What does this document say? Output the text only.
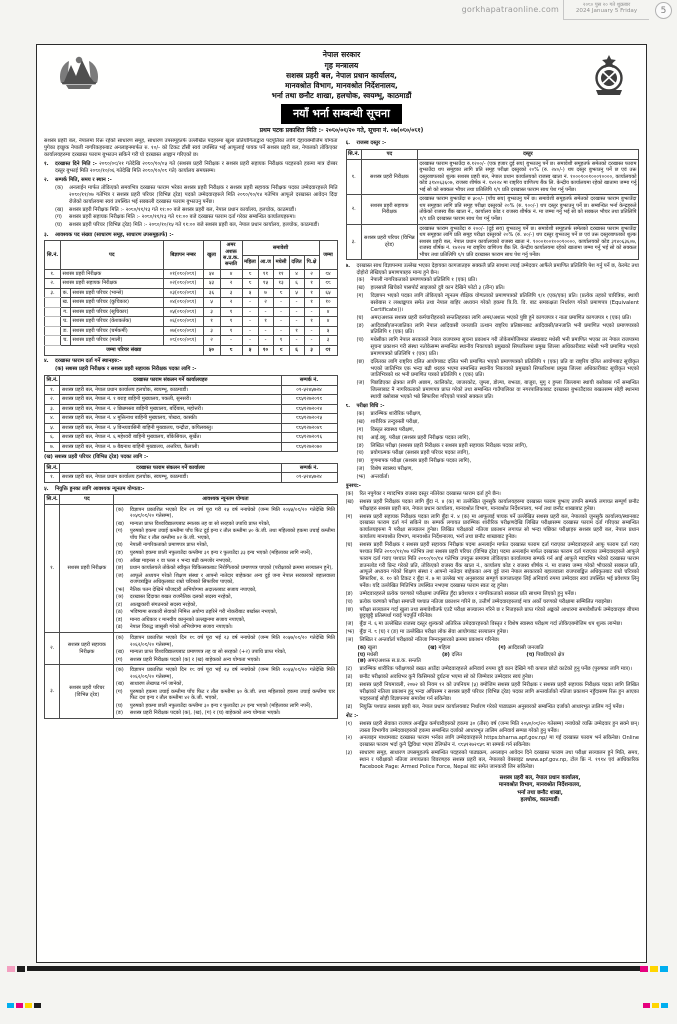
gorkhapatraonline.com	२०८० पुस २० गते शुक्रबार
2024 January 5 Friday	5
नेपाल सरकार
गृह मन्त्रालय
सशस्त्र प्रहरी बल, नेपाल प्रधान कार्यालय,
मानवश्रोत विभाग, मानवश्रोत निर्देशनालय,
भर्ना तथा छनौट शाखा, हलचोक, स्वयम्भू, काठमाडौं
नयाँ भर्ना सम्बन्धी सूचना
प्रथम पटक प्रकाशित मिति :- २०८०/०९/२० गते, सूचना नं. ०७(०८०/०८१)
सशस्त्र प्रहरी बल, नेपालमा रिक्त रहेको साधारण समूह, साधारण उपसमूहतर्फ उल्लेखित पदहरुमा खुला प्रतियोगिताद्वारा पदपूर्तिका लागि देहायबमोजिम योग्यता पुगेका इच्छुक नेपाली नागरिकहरुबाट अनलाइनमार्फत रु. १०/- को टिकट टाँसी स्वयं उपस्थित भई आफूलाई पायक पर्ने सशस्त्र प्रहरी बल, नेपालको तोकिएका कार्यालयहरुमा दरखास्त फाराम बुझाउन सकिने गरी यो दरखास्त आह्वान गरिएको छ।
१.	दरखास्त दिने मिति :- २०८०/०९/२१ गतेदेखि २०८०/१०/०५ गते (सशस्त्र प्रहरी निरीक्षक र सशस्त्र प्रहरी सहायक निरीक्षक पदहरुको हकमा मात्र दोब्बर दस्तुर बुझाई मिति २०८०/१०/०६ गतेदेखि मिति २०८०/१०/०८ गते) कार्यालय समयसम्म।
२.	सम्पर्क मिति, समय र स्थान :-
(क)	अनलाईन मार्फत तोकिएको समयभित्र दरखास्त फाराम भरेका सशस्त्र प्रहरी निरीक्षक र सशस्त्र प्रहरी सहायक निरीक्षक पदका उम्मेदवारहरुले मिति २०८०/११/०७ गतेभित्र र सशस्त्र प्रहरी परिचर (विभिन्न ट्रेड) पदको उम्मेदवारहरुले मिति २०८०/१०/१४ गतेभित्र आफूले दरखास्त आवेदन दिंदा रोजेको कार्यालयमा स्वयं उपस्थित भई सक्कली दरखास्त फाराम बुझाउनु पर्नेछ।
(ख)	सशस्त्र प्रहरी निरीक्षक मिति :- २०८०/११/१३ गते ११:०० बजे सशस्त्र प्रहरी बल, नेपाल प्रधान कार्यालय, हलचोक, काठमाडौं।
(ग)	सशस्त्र प्रहरी सहायक निरीक्षक मिति :- २०८०/११/१३ गते ११:०० बजे दरखास्त फाराम दर्ता गरेका सम्बन्धित कार्यालयहरुमा।
(घ)	सशस्त्र प्रहरी परिचर (विभिन्न ट्रेड) मिति :- २०८०/१०/१५ गते ११:०० बजे सशस्त्र प्रहरी बल, नेपाल प्रधान कार्यालय, हलचोक, काठमाडौं।
३.	आवश्यक पद संख्या (साधारण समूह, साधारण उपसमूहतर्फ) :-
सि.नं.	पद		बिज्ञापन नम्बर	खुला	अमर अशक्त स.प्र.क. सन्तति	समावेशी					जम्मा
						महिला	आ.ज	मधेसी	दलित	पि.क्षे	
१.	सशस्त्र प्रहरी निरीक्षक		०१(०८०/०८१)	५४	४	८	११	११	४	२	९४
२.	सशस्त्र प्रहरी सहायक निरीक्षक		०२(०८०/०८१)	५३	२	८	१५	१३	६	१	९८
३.	क.	सशस्त्र प्रहरी परिचर (भान्से)	०३(०८०/०८१)	३६	३	५	७	८	५	१	६५
	ख.	सशस्त्र प्रहरी परिचर (कुचिकार)	०४(०८०/०८१)	५	२	-	२	-	-	१	१०
	ग.	सशस्त्र प्रहरी परिचर (सूचिकार)	०५(०८०/०८१)	३	१	-	-	-	-	-	४
	घ.	सशस्त्र प्रहरी परिचर (केशकर्तक)	०६(०८०/०८१)	१	१	-	१	-	-	१	४
	ङ.	सशस्त्र प्रहरी परिचर (चर्मकर्मी)	०७(०८०/०८१)	३	१	-	-	-	१	-	५
	च.	सशस्त्र प्रहरी परिचर (माली)	०८(०८०/०८१)	२	-	-	-	१	-	-	३
जम्मा परिचर संख्या				५०	८	५	१०	९	६	३	९१
४.	दरखास्त फाराम दर्ता गर्ने स्थानहरु:-
(क) सशस्त्र प्रहरी निरीक्षक र सशस्त्र प्रहरी सहायक निरीक्षक पदका लागि :-
सि.नं.	दरखास्त फाराम संकलन गर्ने कार्यालयहरु	सम्पर्क नं.
१.	सशस्त्र प्रहरी बल, नेपाल प्रधान कार्यालय हलचोक, स्वयम्भू, काठमाडौं।	०१-५२४५७२४
२.	सशस्त्र प्रहरी बल, नेपाल नं. १ बराह बाहिनी मुख्यालय, पकली, सुनसरी।	९८५१२७२०१९
३.	सशस्त्र प्रहरी बल, नेपाल नं. २ छिन्नमस्ता बाहिनी मुख्यालय, बर्दिबास, महोत्तरी।	९८५१२७२०२४
४.	सशस्त्र प्रहरी बल, नेपाल नं. ४ मुक्तिनाथ बाहिनी मुख्यालय, पोखरा, कास्की।	९८५१२७२०२५
५.	सशस्त्र प्रहरी बल, नेपाल नं. ५ विन्ध्यवासिनी बाहिनी मुख्यालय, चन्द्रौटा, कपिलबस्तु।	९८५१२७२०४८
६.	सशस्त्र प्रहरी बल, नेपाल नं. ६ महेश्वरी बाहिनी मुख्यालय, बाँकेसियल, सुर्खेत।	९८५१२७२०१६
७.	सशस्त्र प्रहरी बल, नेपाल नं. ७ बैद्यनाथ बाहिनी मुख्यालय, अत्तरिया, कैलाली।	९८५१२७२०७०
(ख) सशस्त्र प्रहरी परिचर (विभिन्न ट्रेड) पदका लागि :-
सि.नं.	दरखास्त फाराम संकलन गर्ने कार्यालय	सम्पर्क नं.
१.	सशस्त्र प्रहरी बल, नेपाल प्रधान कार्यालय हलचोक, स्वयम्भू, काठमाडौं।	०१-५२४५७२४
५.	नियुक्ति हुनका लागि आवश्यक न्यूनतम योग्यता:-
सि.नं.	पद	आवश्यक न्यूनतम योग्यता
१.	सशस्त्र प्रहरी निरीक्षक	
(क)	विज्ञापन प्रकाशित भएको दिन २१ वर्ष पूरा गरी २५ वर्ष ननाघेको (जन्म मिति २०५५/०९/२० गतेदेखि मिति २०५९/०९/२० गतेसम्म),
(ख)	मान्यता प्राप्त विश्वविद्यालयबाट स्नातक तह वा सो सरहको उपाधि प्राप्त गरेको,
(ग)	पुरुषको हकमा उचाई कम्तीमा पाँच फिट दुई इन्च र तौल कम्तीमा ५० के.जी. तथा महिलाको हकमा उचाई कम्तीमा पाँच फिट र तौल कम्तीमा ४२ के.जी. भएको,
(घ)	नेपाली नागरिकताको प्रमाणपत्र प्राप्त गरेको,
(ङ)	पुरुषको हकमा छाती नफुलाउँदा कम्तीमा ३१ इन्च र फुलाउँदा ३३ इन्च भएको (महिलाका लागि नपर्ने),
(च)	आँखा माइनस २ वा प्लस २ भन्दा बढी कमजोर नभएको,
(छ)	प्रधान कार्यालयले तोकेको स्वीकृत चिकित्सकबाट निरोगिताको प्रमाणपत्र पाएको (परीक्षाको क्रममा सञ्चालन हुने),
(ज)	आफूले अध्ययन गरेको शिक्षण संस्था र आफ्नो नातेदार बाहेकका अन्य दुई जना नेपाल सरकारको बहालवाला राजपत्राङ्कित अधिकृतबाट राम्रो चरित्रको सिफारिश पाएको,
(झ)	नैतिक पतन देखिने फौजदारी अभियोगमा अदालतबाट सजाय नपाएको,
(ञ)	दरखास्त दिंदाका बखत राजनैतिक दलको सदस्य नरहेको,
(ट)	आतङ्ककारी संगठनको सदस्य नरहेको,
(ठ)	भविष्यमा सरकारी सेवाको निमित्त अयोग्य ठहरिने गरी नोकरीबाट बर्खास्त नभएको,
(ड)	मानव अधिकार र मानवीय कानुनको उल्लङ्घनमा सजाय नपाएको,
(ढ)	नेपाल विरुद्ध जासुसी गरेको अभियोगमा सजाय नपाएको।

२.	सशस्त्र प्रहरी सहायक निरीक्षक	
(क)	विज्ञापन प्रकाशित भएको दिन १८ वर्ष पूरा भई २३ वर्ष ननाघेको (जन्म मिति २०५७/०९/२० गतेदेखि मिति २०६२/०९/२० गतेसम्म),
(ख)	मान्यता प्राप्त विश्वविद्यालयबाट प्रमाणपत्र तह वा सो सरहको (+२) उपाधि प्राप्त गरेको,
(ग)	सशस्त्र प्रहरी निरीक्षक पदको (क) र (ख) बाहेकको अन्य योग्यता भएको।

३.	सशस्त्र प्रहरी परिचर (विभिन्न ट्रेड)	
(क)	विज्ञापन प्रकाशित भएको दिन १८ वर्ष पूरा भई २५ वर्ष ननाघेको (जन्म मिति २०५५/०९/२० गतेदेखि मिति २०६२/०९/२० गतेसम्म),
(ख)	साधारण लेखपढ गर्न जानेको,
(ग)	पुरुषको हकमा उचाई कम्तीमा पाँच फिट र तौल कम्तीमा ५० के.जी. तथा महिलाको हकमा उचाई कम्तीमा चार फिट दश इन्च र तौल कम्तीमा ४२ के.जी. भएको,
(घ)	पुरुषको हकमा छाती नफुलाउँदा कम्तीमा ३० इन्च र फुलाउँदा ३२ इन्च भएको (महिलाका लागि नपर्ने),
(ङ)	सशस्त्र प्रहरी निरीक्षक पदको (क), (ख), (ग) र (घ) बाहेकको अन्य योग्यता भएको।
६.	राजस्व दस्तुर :-
सि.नं.	पद	दस्तुर
१.	सशस्त्र प्रहरी निरीक्षक	दरखास्त फाराम बुझाउँदा रु.१२००/- (एक हजार दुई सय) बुझाउनु पर्ने छ। समावेशी समूहतर्फ समेतको दरखास्त फाराम बुझाउँदा थप समूहका लागि प्रति समूह परीक्षा दस्तुरको २०% (रु. २४०/-) थप दस्तुर बुझाउनु पर्ने छ एवं उक्त दस्तुरबापतको शुल्क सशस्त्र प्रहरी बल, नेपाल प्रधान कार्यालयको राजस्व खाता नं. १०००१००१०००१००००, कार्यालयको कोड ३१४०६३६०७, राजस्व शीर्षक नं. १४२२४ मा राष्ट्रिय वाणिज्य बैंक लि. केन्द्रीय कार्यालयमा रहेको खातामा जम्मा गर्नु भई सो को सक्कल भौचर तथा प्रतिलिपि १/१ प्रति दरखास्त फाराम साथ पेश गर्नु पर्नेछ।
२.	सशस्त्र प्रहरी सहायक निरीक्षक	दरखास्त फाराम बुझाउँदा रु ५००/- (पाँच सय) बुझाउनु पर्ने छ। समावेशी समूहतर्फ समेतको दरखास्त फाराम बुझाउँदा थप समूहका लागि प्रति समूह परीक्षा दस्तुरको २०% (रु. १००/-) थप दस्तुर बुझाउनु पर्ने छ। सम्बन्धित भर्ना केन्द्रहरुले तोकेको राजस्व बैंक खाता नं., कार्यालय कोड र राजस्व शीर्षक नं. मा जम्मा गर्नु भई सो को सक्कल भौचर तथा प्रतिलिपि १/१ प्रति दरखास्त फाराम साथ पेश गर्नु पर्नेछ।
३.	सशस्त्र प्रहरी परिचर (विभिन्न ट्रेड)	दरखास्त फाराम बुझाउँदा रु २००/- (दुई सय) बुझाउनु पर्ने छ। समावेशी समूहतर्फ समेतको दरखास्त फाराम बुझाउँदा थप समूहका लागि प्रति समूह परीक्षा दस्तुरको २०% (रु. ४०/-) थप दस्तुर बुझाउनु पर्ने छ एवं उक्त दस्तुरबापतको शुल्क सशस्त्र प्रहरी बल, नेपाल प्रधान कार्यालयको राजस्व खाता नं. १०००१००१०००१००००, कार्यालयको कोड ३१४०६३६०७, राजस्व शीर्षक नं. १४२२४ मा राष्ट्रिय वाणिज्य बैंक लि. केन्द्रीय कार्यालयमा रहेको खातामा जम्मा गर्नु भई सो को सक्कल भौचर तथा प्रतिलिपि १/१ प्रति दरखास्त फाराम साथ पेश गर्नु पर्नेछ।
७.	दरखास्त साथ विज्ञापनमा उल्लेख भएका देहायका कागजातहरु सक्कलै प्रति साथमा ल्याई उम्मेदवार आफैंले प्रमाणित प्रतिलिपि पेश गर्नु पर्ने छ, केरमेट तथा दोहोरो लेखिएको प्रमाणपत्रहरु मान्य हुने छैन।
(क)	नेपाली नागरिकताको प्रमाणपत्रको प्रतिलिपि १ (एक) प्रति।
(ख)	हालसालै खिचेको पासपोर्ट साइजको दुवै कान देखिने फोटो ३ (तीन) प्रति।
(ग)	विज्ञापन भएको पदका लागि तोकिएको न्यूनतम शैक्षिक योग्यताको प्रमाणपत्रको प्रतिलिपि १/१ (एक/एक) प्रति। (प्रत्येक तहको चारित्रिक, स्थायी बसोबास र लब्धाङ्कपत्र समेत तथा नेपाल बाहिर अध्ययन गरेको हकमा त्रि.वि. वि. बाट समकक्षता निर्धारण गरेको प्रमाणपत्र (Equivalent Certificate))।
(घ)	अमर/अशक्त सशस्त्र प्रहरी कर्मचारीहरुको सन्ततिहरुका लागि अमर/अशक्त भएको पुष्टि हुने कागजपत्र र नाता प्रमाणित कागजपत्र १ (एक) प्रति।
(ङ)	आदिवासी/जनजातिका लागि नेपाल आदिवासी जनजाति उत्थान राष्ट्रिय प्रतिष्ठानबाट आदिवासी/जनजाति भनी प्रमाणित भएको प्रमाणपत्रको प्रतिलिपि १ (एक) प्रति।
(च)	मधेसीका लागि नेपाल सरकारले नेपाल राजपत्रमा सूचना प्रकाशन गरी तोकेबमोजिमका संस्थाबाट मधेसी भनी प्रमाणित भएका तर नेपाल राजपत्रमा सूचना प्रकाशन गरी संस्था नतोकेसम्म सम्बन्धित स्थानीय निकायको प्रमुखको सिफारिसमा प्रमुख जिल्ला अधिकारीबाट मधेसी भनी प्रमाणित भएको प्रमाणपत्रको प्रतिलिपि १ (एक) प्रति।
(छ)	दलितका लागि राष्ट्रिय दलित आयोगबाट दलित भनी प्रमाणित भएको प्रमाणपत्रको प्रतिलिपि १ (एक) प्रति वा राष्ट्रिय दलित आयोगबाट सूचीकृत भएको जातिभित्र एक भन्दा बढी थरहरु भएमा सम्बन्धित स्थानीय निकायको प्रमुखको सिफारिशमा प्रमुख जिल्ला अधिकारीबाट सूचीकृत भएको जातिभित्रको थर भनी प्रमाणित पत्रको प्रतिलिपि १ (एक) प्रति।
(ज)	पिछडिएका क्षेत्रका लागि अछाम, कालिकोट, जाजरकोट, जुम्ला, डोल्पा, बझाङ, बाजुरा, मुगु र हुम्ला जिल्लामा स्थायी बसोबास गर्ने सम्बन्धित जिल्लाबाट नै नागरिकताको प्रमाणपत्र प्राप्त गरेको तथा सम्बन्धित गाउँपालिका वा नगरपालिकाबाट दरखास्त बुझाउँदाका बखतसम्म सोही स्थानमा स्थायी बसोबास भएको भन्ने सिफारिश गरिएको पत्रको सक्कल प्रति।
८.	परीक्षा विधि :-
(क)	प्रारम्भिक शारीरिक परीक्षण,
(ख)	शारीरिक तन्दुरुस्ती परीक्षा,
(ग)	विस्तृत स्वास्थ्य परीक्षण,
(घ)	आई.क्यु. परीक्षा (सशस्त्र प्रहरी निरीक्षक पदका लागि),
(ङ)	लिखित परीक्षा (सशस्त्र प्रहरी निरीक्षक र सशस्त्र प्रहरी सहायक निरीक्षक पदका लागि),
(च)	प्रयोगात्मक परीक्षा (सशस्त्र प्रहरी परिचर पदका लागि),
(छ)	गुणमापक परीक्षा (सशस्त्र प्रहरी निरीक्षक पदका लागि),
(ज)	विशेष स्वास्थ्य परीक्षण,
(झ)	अन्तर्वार्ता।
पुनश्च:-
(क)	रित नपुगेका र म्यादभित्र राजस्व दस्तुर नतिरेका दरखास्त फाराम दर्ता हुने छैन।
(ख)	सशस्त्र प्रहरी निरीक्षक पदका लागि बुँदा नं. ४ (क) मा उल्लेखित जुनसुकै कार्यालयहरुमा दरखास्त फाराम बुझाए तापनि सम्पर्क लगायत सम्पूर्ण छनौट परीक्षाहरु सशस्त्र प्रहरी बल, नेपाल प्रधान कार्यालय, मानवश्रोत विभाग, मानवश्रोत निर्देशनालय, भर्ना तथा छनौट शाखाबाट हुनेछ।
(ग)	सशस्त्र प्रहरी सहायक निरीक्षक पदका लागि बुँदा नं. ४ (क) मा आफूलाई पायक पर्ने उल्लेखित सशस्त्र प्रहरी बल, नेपालको जुनसुकै कार्यालय/स्थानबाट दरखास्त फाराम दर्ता गर्न सकिने छ। सम्पर्क लगायत प्रारम्भिक शारीरिक परीक्षणदेखि लिखित परीक्षासम्म दरखास्त फाराम दर्ता गरिएका सम्बन्धित कार्यालयहरुमा नै परीक्षा सञ्चालन हुनेछ। लिखित परीक्षाको नतिजा प्रकाशन लगायत सो भन्दा पछिका परीक्षाहरु सशस्त्र प्रहरी बल, नेपाल प्रधान कार्यालय मानवश्रोत विभाग, मानवश्रोत निर्देशनालय, भर्ना तथा छनौट शाखाबाट हुनेछ।
(घ)	सशस्त्र प्रहरी निरीक्षक र सशस्त्र प्रहरी सहायक निरीक्षक पदमा अनलाईन मार्फत दरखास्त फाराम दर्ता गराएका उम्मेदवारहरुले आफू फाराम दर्ता गराए पश्चात मिति २०८०/११/०७ गतेभित्र तथा सशस्त्र प्रहरी परिचर (विभिन्न ट्रेड) पदमा अनलाईन मार्फत दरखास्त फाराम दर्ता गराएका उम्मेदवारहरुले आफूले फाराम दर्ता गराए पश्चात मिति २०८०/१०/१४ गतेभित्र उपयुक्त समयमा तोकिएका कार्यालयमा सम्पर्क गर्न आई आफूले म्यादभित्र भरेको दरखास्त फाराम डाउनलोड गरी प्रिन्ट गरेको प्रति, तोकिएको राजस्व बैंक खाता नं., कार्यालय कोड र राजस्व शीर्षक नं. मा राजस्व जम्मा गरेको भौचरको सक्कल प्रति, आफूले अध्ययन गरेको शिक्षण संस्था र आफ्नो नातेदार बाहेकका अन्य दुई जना नेपाल सरकारको बहालवाला राजपत्राङ्कित अधिकृतबाट राम्रो चरित्रको सिफारिश, रु. १० को टिकट र बुँदा नं. ७ मा उल्लेख भए अनुसारका सम्पूर्ण कागजातहरु लिई अनिवार्य रुपमा उम्मेदवार स्वयं उपस्थित भई प्रवेशपत्र लिनु पर्नेछ। यदि उल्लेखित मितिभित्र उपस्थित नभएमा दरखास्त फाराम स्वतः रद्द हुनेछ।
(ङ)	उम्मेदवारहरुले प्रत्येक चरणको परीक्षामा उपस्थित हुँदा प्रवेशपत्र र नागरिकताको सक्कल प्रति साथमा लिएको हुनु पर्नेछ।
(च)	प्रत्येक चरणको परीक्षा समाप्ती पश्चात नतिजा प्रकाशन गरिने छ, उत्तीर्ण उम्मेदवारहरुलाई मात्र अर्को चरणको परीक्षामा सम्मिलित गराइनेछ।
(छ)	परीक्षा सञ्चालन गर्दा खुला तथा समावेशीतर्फ एउटै परीक्षा सञ्चालन गरिने छ र निजहरुले प्राप्त गरेको अङ्कको आधारमा समावेशीतर्फ उम्मेदवारहरु बीचमा छुट्टाछुट्टै प्रतिस्पर्धा गराई पदपूर्ति गरिनेछ।
(ज)	बुँदा नं. ६ मा उल्लेखित राजस्व दस्तुर शुल्कको अतिरिक्त उमेदवारहरुको विस्तृत र विशेष स्वास्थ्य परीक्षण गर्दा तोकिएबमोजिम थप शुल्क लाग्नेछ।
(झ)	बुँदा नं. ८ (घ) र (ङ) मा उल्लेखित परीक्षा लोक सेवा आयोगबाट सञ्चालन हुनेछ।
(ञ)	लिखित र अन्तर्वार्ता परीक्षाको नतिजा निम्नानुसारको क्रममा प्रकाशन गरिनेछ।
(क) खुला	(ख) महिला	(ग) आदिवासी जनजाति
(घ) मधेसी	(ङ) दलित	(च) पिछडिएको क्षेत्र
(छ) अमर/अशक्त स.प्र.क. सन्तति
(ट)	प्रारम्भिक शारीरिक परीक्षणको बखत आउँदा उम्मेदवारहरुले अनिवार्य रुपमा दुवै कान देखिने गरी कपाल छोटो काटेको हुनु पर्नेछ (पुरुषका लागि मात्र)।
(ठ)	छनौट परीक्षाको अवधिभर कुनै किसिमको दुर्घटना भएमा सो को जिम्मेवार उम्मेदवार स्वयं हुनेछ।
(ड)	सशस्त्र प्रहरी नियमावली, २०७२ को नियम १२ को उपनियम (५) बमोजिम सशस्त्र प्रहरी निरीक्षक र सशस्त्र प्रहरी सहायक निरीक्षक पदका लागि लिखित परीक्षाको नतिजा प्रकाशन हुनु भन्दा अघिसम्म र सशस्त्र प्रहरी परिचर (विभिन्न ट्रेड) पदका लागि अन्तर्वार्ताको नतिजा प्रकाशन नहुँदासम्म रिक्त हुन आएका पदहरुलाई सोही विज्ञापनमा समावेश गर्न सकिनेछ।
(ढ)	नियुक्ति पश्चात सशस्त्र प्रहरी बल, नेपाल प्रधान कार्यालयबाट निर्धारण गरेको पाठ्यक्रम अनुसारको सम्बन्धित दर्जाको आधारभूत तालिम गर्नु पर्नेछ।
नोट :-
(१)	सशस्त्र प्रहरी सेवाका राजपत्र अनङ्कित कर्मचारीहरुको हकमा ३० (तीस) वर्ष (जन्म मिति २०५०/०९/२० गतेसम्म) ननाघेको व्यक्ति उम्मेदवार हुन सक्ने छन्। त्यस्ता विभागीय उम्मेदवारहरुको हकमा सम्बन्धित दर्जाको आधारभूत तालिम अनिवार्य सम्पन्न गरेको हुनु पर्नेछ।
(२)	अनलाइन माध्यमबाट दरखास्त फाराम भर्नका लागि उम्मेदवारहरुले https:bharna.apf.gov.np/ मा गई दरखास्त फाराम भर्न सकिनेछ। Online दरखास्त फाराम भर्दा कुनै द्विविधा भएमा टेलिफोन नं. ९८५१२७२९५८ मा सम्पर्क गर्न सकिनेछ।
(३)	साधारण समूह, साधारण उपसमूहतर्फ सम्बन्धित पदहरुको पाठ्यक्रम, अनलाइन आवेदन दिने दरखास्त फाराम तथा परीक्षा सञ्चालन हुने मिति, समय, स्थान र परीक्षाको नतिजा लगायतका विवरणहरु सशस्त्र प्रहरी बल, नेपालको वेबसाइट www.apf.gov.np, टोल फ्रि नं. १११४ एवं आधिकारिक Facebook Page: Armed Police Force, Nepal बाट समेत जानकारी लिन सकिनेछ।
सशस्त्र प्रहरी बल, नेपाल प्रधान कार्यालय,
मानवश्रोत विभाग, मानवश्रोत निर्देशनालय,
भर्ना तथा छनौट शाखा,
हलचोक, काठमाडौं।
